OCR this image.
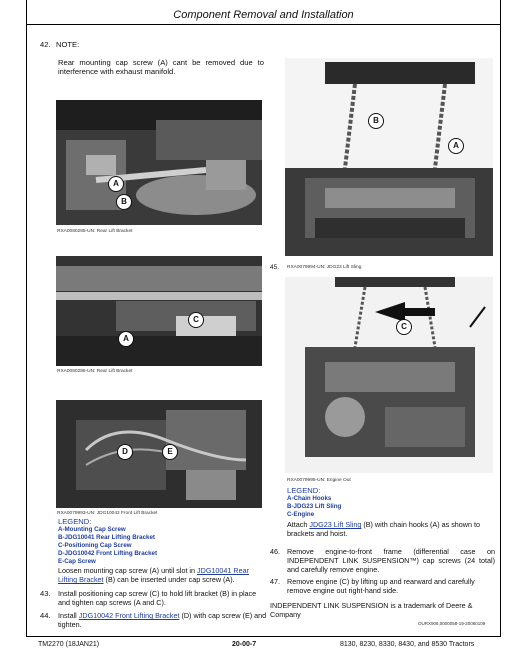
Component Removal and Installation
42. NOTE:
Rear mounting cap screw (A) cant be removed due to interference with exhaust manifold.
A
B
RXA0080285-UN: Rear Lift Bracket
C
A
RXA0080286-UN: Rear Lift Bracket
D	E
RXA0079993-UN: JDG10042 Front Lift Bracket
LEGEND:
A-Mounting Cap Screw
B-JDG10041 Rear Lifting Bracket
C-Positioning Cap Screw
D-JDG10042 Front Lifting Bracket
E-Cap Screw
Loosen mounting cap screw (A) until slot in JDG10041 Rear Lifting Bracket (B) can be inserted under cap screw (A).
43. Install positioning cap screw (C) to hold lift bracket (B) in place and tighten cap screws (A and C).
44. Install JDG10042 Front Lifting Bracket (D) with cap screw (E) and tighten.
B
A
45. RXA0079994-UN: JDG23 Lift Sling
C
RXA0079995-UN: Engine Out
LEGEND:
A-Chain Hooks
B-JDG23 Lift Sling
C-Engine
Attach JDG23 Lift Sling (B) with chain hooks (A) as shown to brackets and hoist.
46. Remove engine-to-front frame (differential case on INDEPENDENT LINK SUSPENSION™) cap screws (24 total) and carefully remove engine.
47. Remove engine (C) by lifting up and rearward and carefully remove engine out right-hand side.
INDEPENDENT LINK SUSPENSION is a trademark of Deere & Company
OURX906,0000058-19-20060109
TM2270 (18JAN21)	20-00-7	8130, 8230, 8330, 8430, and 8530 Tractors
